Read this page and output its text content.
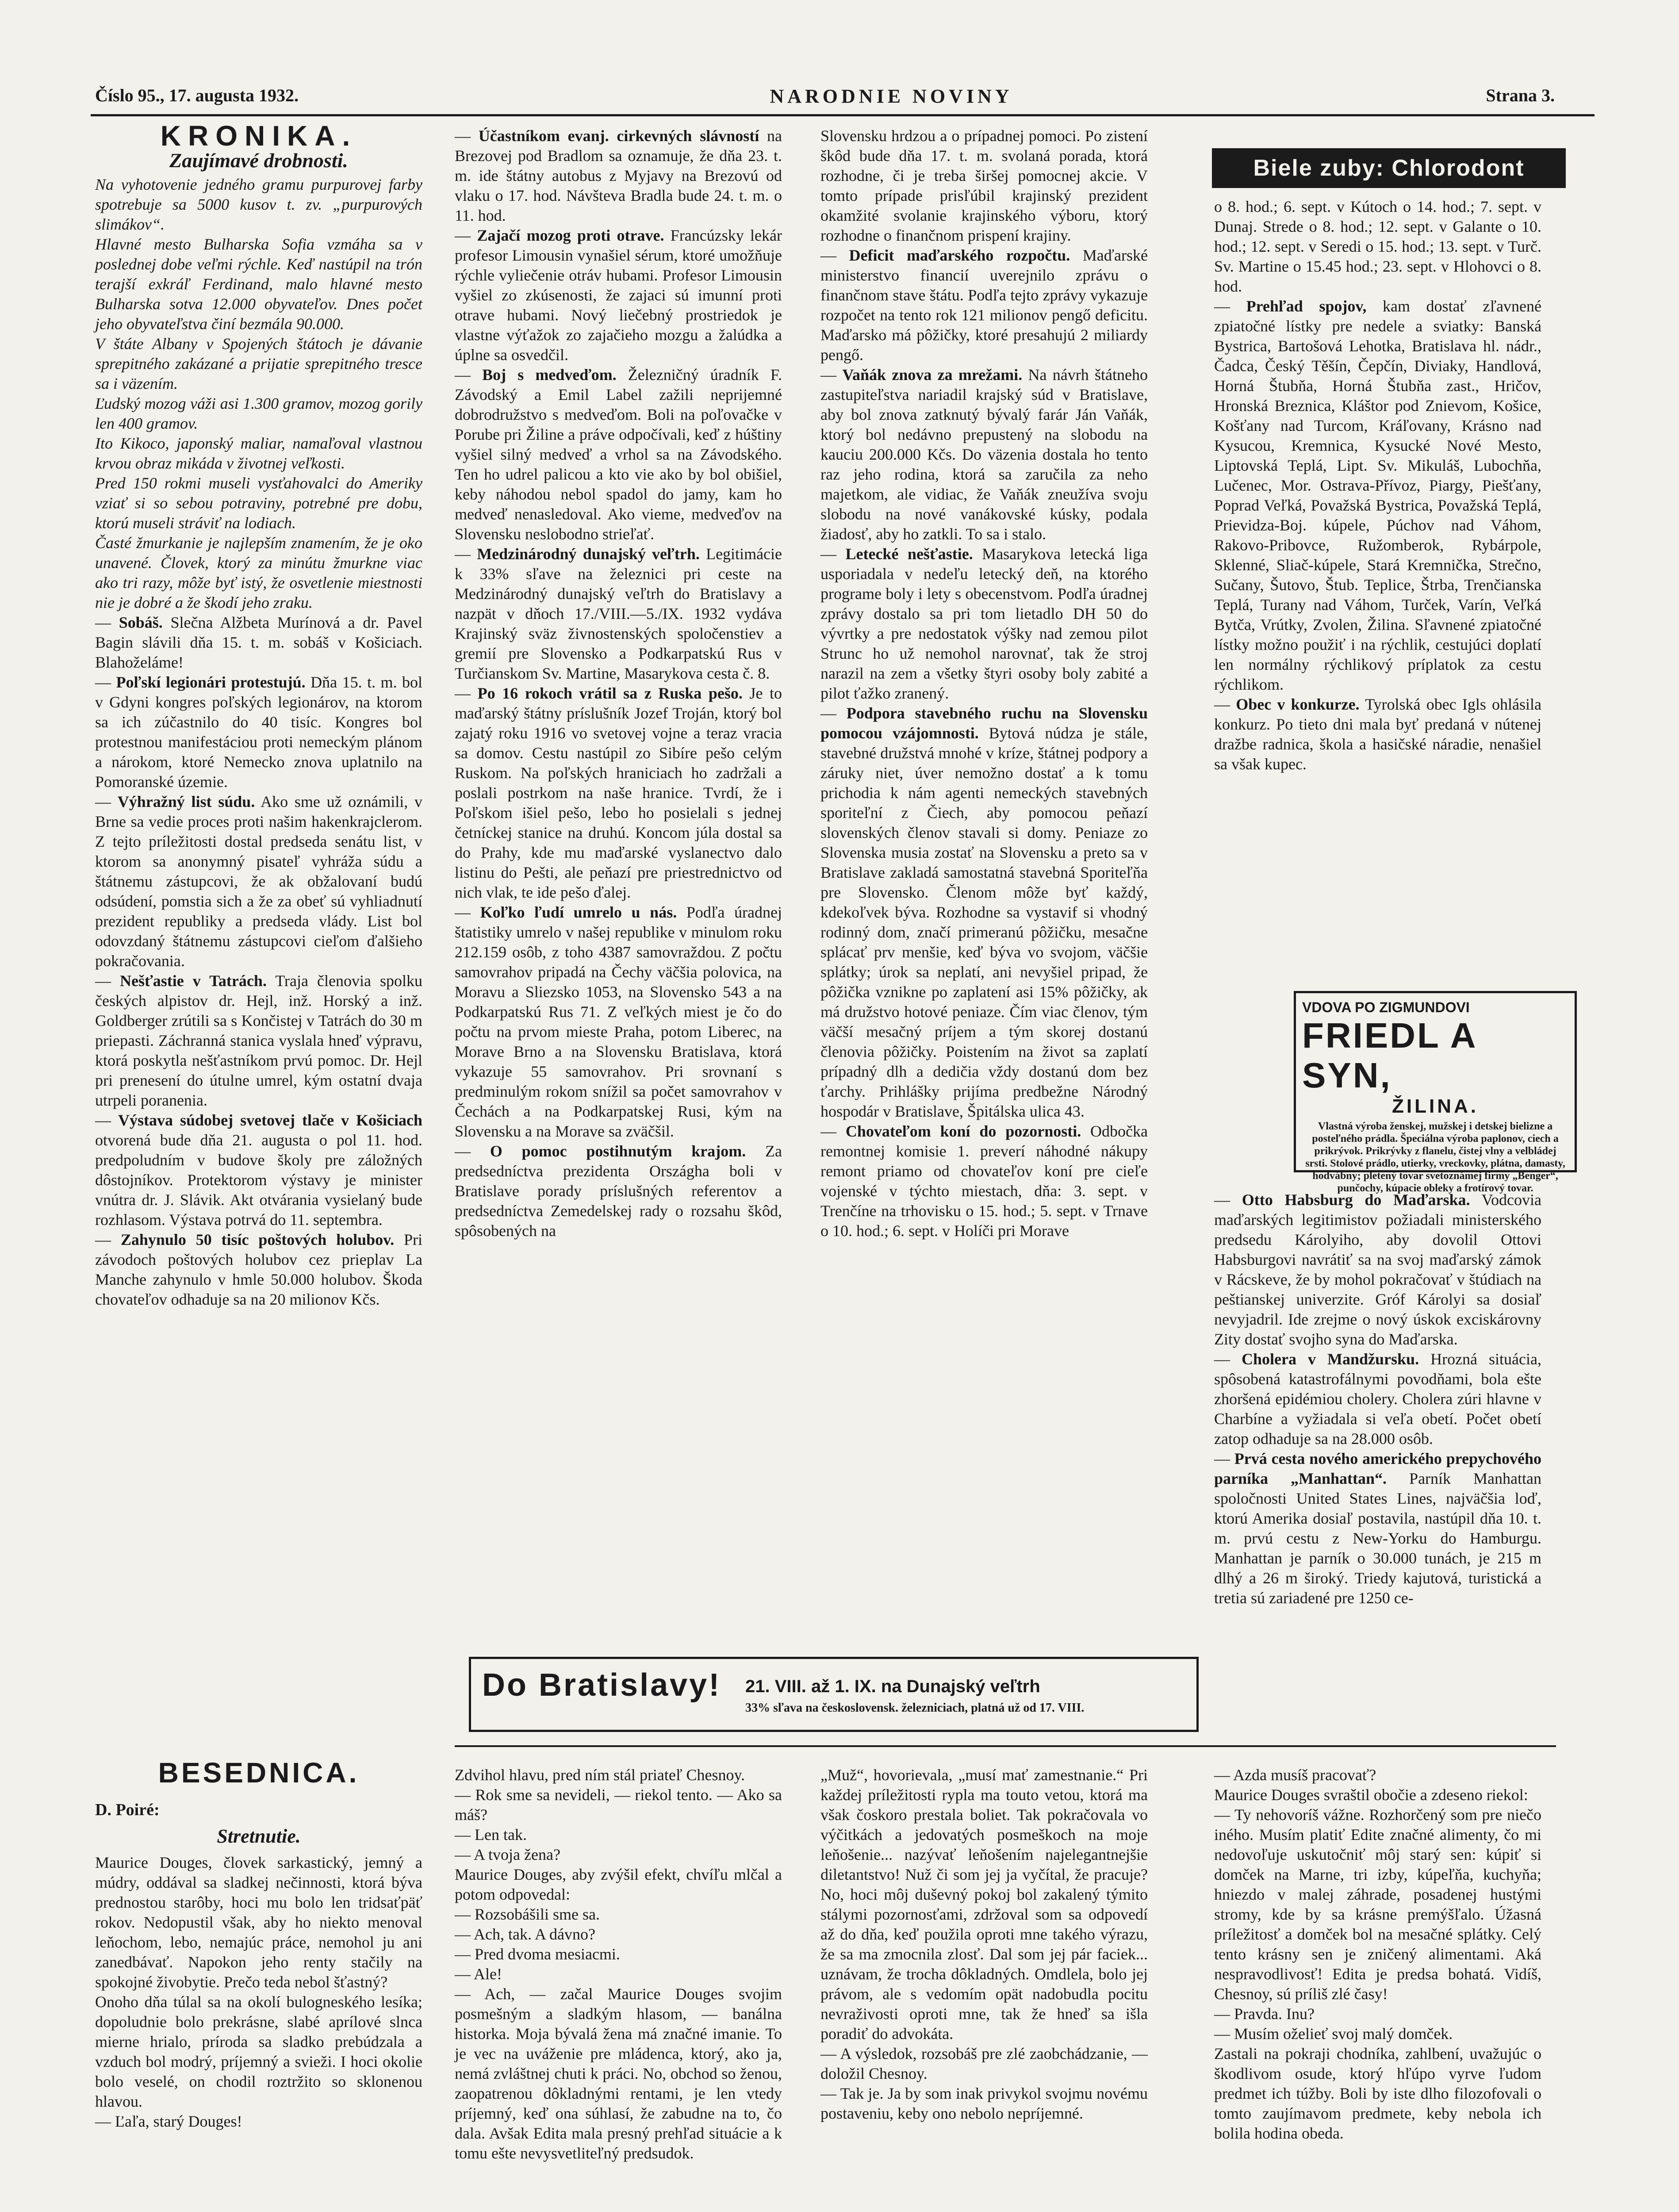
Číslo 95., 17. augusta 1932.	NARODNIE NOVINY	Strana 3.
KRONIKA.
Zaujímavé drobnosti.

Na vyhotovenie jedného gramu purpurovej farby spotrebuje sa 5000 kusov t. zv. „purpurových slimákov“.

Hlavné mesto Bulharska Sofia vzmáha sa v poslednej dobe veľmi rýchle. Keď nastúpil na trón terajší exkráľ Ferdinand, malo hlavné mesto Bulharska sotva 12.000 obyvateľov. Dnes počet jeho obyvateľstva činí bezmála 90.000.

V štáte Albany v Spojených štátoch je dávanie sprepitného zakázané a prijatie sprepitného tresce sa i väzením.

Ľudský mozog váži asi 1.300 gramov, mozog gorily len 400 gramov.

Ito Kikoco, japonský maliar, namaľoval vlastnou krvou obraz mikáda v životnej veľkosti.

Pred 150 rokmi museli vysťahovalci do Ameriky vziať si so sebou potraviny, potrebné pre dobu, ktorú museli stráviť na lodiach.

Časté žmurkanie je najlepším znamením, že je oko unavené. Človek, ktorý za minútu žmurkne viac ako tri razy, môže byť istý, že osvetlenie miestnosti nie je dobré a že škodí jeho zraku.

— Sobáš. Slečna Alžbeta Murínová a dr. Pavel Bagin slávili dňa 15. t. m. sobáš v Košiciach. Blahoželáme!

— Poľskí legionári protestujú. Dňa 15. t. m. bol v Gdyni kongres poľských legionárov, na ktorom sa ich zúčastnilo do 40 tisíc. Kongres bol protestnou manifestáciou proti nemeckým plánom a nárokom, ktoré Nemecko znova uplatnilo na Pomoranské územie.

— Výhražný list súdu. Ako sme už oznámili, v Brne sa vedie proces proti našim hakenkrajclerom. Z tejto príležitosti dostal predseda senátu list, v ktorom sa anonymný pisateľ vyhráža súdu a štátnemu zástupcovi, že ak obžalovaní budú odsúdení, pomstia sich a že za obeť sú vyhliadnutí prezident republiky a predseda vlády. List bol odovzdaný štátnemu zástupcovi cieľom ďalšieho pokračovania.

— Nešťastie v Tatrách. Traja členovia spolku českých alpistov dr. Hejl, inž. Horský a inž. Goldberger zrútili sa s Končistej v Tatrách do 30 m priepasti. Záchranná stanica vyslala hneď výpravu, ktorá poskytla nešťastníkom prvú pomoc. Dr. Hejl pri prenesení do útulne umrel, kým ostatní dvaja utrpeli poranenia.

— Výstava súdobej svetovej tlače v Košiciach otvorená bude dňa 21. augusta o pol 11. hod. predpoludním v budove školy pre záložných dôstojníkov. Protektorom výstavy je minister vnútra dr. J. Slávik. Akt otvárania vysielaný bude rozhlasom. Výstava potrvá do 11. septembra.

— Zahynulo 50 tisíc poštových holubov. Pri závodoch poštových holubov cez prieplav La Manche zahynulo v hmle 50.000 holubov. Škoda chovateľov odhaduje sa na 20 milionov Kčs.

— Účastníkom evanj. cirkevných slávností na Brezovej pod Bradlom sa oznamuje, že dňa 23. t. m. ide štátny autobus z Myjavy na Brezovú od vlaku o 17. hod. Návšteva Bradla bude 24. t. m. o 11. hod.

— Zajačí mozog proti otrave. Francúzsky lekár profesor Limousin vynašiel sérum, ktoré umožňuje rýchle vyliečenie otráv hubami. Profesor Limousin vyšiel zo zkúsenosti, že zajaci sú imunní proti otrave hubami. Nový liečebný prostriedok je vlastne výťažok zo zajačieho mozgu a žalúdka a úplne sa osvedčil.

— Boj s medveďom. Železničný úradník F. Závodský a Emil Label zažili neprijemné dobrodružstvo s medveďom. Boli na poľovačke v Porube pri Žiline a práve odpočívali, keď z húštiny vyšiel silný medveď a vrhol sa na Závodského. Ten ho udrel palicou a kto vie ako by bol obišiel, keby náhodou nebol spadol do jamy, kam ho medveď nenasledoval. Ako vieme, medveďov na Slovensku neslobodno strieľať.

— Medzinárodný dunajský veľtrh. Legitimácie k 33% sľave na železnici pri ceste na Medzinárodný dunajský veľtrh do Bratislavy a nazpät v dňoch 17./VIII.—5./IX. 1932 vydáva Krajinský sväz živnostenských spoločenstiev a gremií pre Slovensko a Podkarpatskú Rus v Turčianskom Sv. Martine, Masarykova cesta č. 8.

— Po 16 rokoch vrátil sa z Ruska pešo. Je to maďarský štátny príslušník Jozef Troján, ktorý bol zajatý roku 1916 vo svetovej vojne a teraz vracia sa domov. Cestu nastúpil zo Sibíre pešo celým Ruskom. Na poľských hraniciach ho zadržali a poslali postrkom na naše hranice. Tvrdí, že i Poľskom išiel pešo, lebo ho posielali s jednej četníckej stanice na druhú. Koncom júla dostal sa do Prahy, kde mu maďarské vyslanectvo dalo listinu do Pešti, ale peňazí pre priestrednictvo od nich vlak, te ide pešo ďalej.

— Koľko ľudí umrelo u nás. Podľa úradnej štatistiky umrelo v našej republike v minulom roku 212.159 osôb, z toho 4387 samovraždou. Z počtu samovrahov pripadá na Čechy väčšia polovica, na Moravu a Sliezsko 1053, na Slovensko 543 a na Podkarpatskú Rus 71. Z veľkých miest je čo do počtu na prvom mieste Praha, potom Liberec, na Morave Brno a na Slovensku Bratislava, ktorá vykazuje 55 samovrahov. Pri srovnaní s predminulým rokom snížil sa počet samovrahov v Čechách a na Podkarpatskej Rusi, kým na Slovensku a na Morave sa zväčšil.

— O pomoc postihnutým krajom. Za predsedníctva prezidenta Országha boli v Bratislave porady príslušných referentov a predsedníctva Zemedelskej rady o rozsahu škôd, spôsobených na

Slovensku hrdzou a o prípadnej pomoci. Po zistení škôd bude dňa 17. t. m. svolaná porada, ktorá rozhodne, či je treba širšej pomocnej akcie. V tomto prípade prisľúbil krajinský prezident okamžité svolanie krajinského výboru, ktorý rozhodne o finančnom prispení krajiny.

— Deficit maďarského rozpočtu. Maďarské ministerstvo financií uverejnilo zprávu o finančnom stave štátu. Podľa tejto zprávy vykazuje rozpočet na tento rok 121 milionov pengő deficitu. Maďarsko má pôžičky, ktoré presahujú 2 miliardy pengő.

— Vaňák znova za mrežami. Na návrh štátneho zastupiteľstva nariadil krajský súd v Bratislave, aby bol znova zatknutý bývalý farár Ján Vaňák, ktorý bol nedávno prepustený na slobodu na kauciu 200.000 Kčs. Do väzenia dostala ho tento raz jeho rodina, ktorá sa zaručila za neho majetkom, ale vidiac, že Vaňák zneužíva svoju slobodu na nové vanákovské kúsky, podala žiadosť, aby ho zatkli. To sa i stalo.

— Letecké nešťastie. Masarykova letecká liga usporiadala v nedeľu letecký deň, na ktorého programe boly i lety s obecenstvom. Podľa úradnej zprávy dostalo sa pri tom lietadlo DH 50 do vývrtky a pre nedostatok výšky nad zemou pilot Strunc ho už nemohol narovnať, tak že stroj narazil na zem a všetky štyri osoby boly zabité a pilot ťažko zranený.

— Podpora stavebného ruchu na Slovensku pomocou vzájomnosti. Bytová núdza je stále, stavebné družstvá mnohé v kríze, štátnej podpory a záruky niet, úver nemožno dostať a k tomu prichodia k nám agenti nemeckých stavebných sporiteľní z Čiech, aby pomocou peňazí slovenských členov stavali si domy. Peniaze zo Slovenska musia zostať na Slovensku a preto sa v Bratislave zakladá samostatná stavebná Sporiteľňa pre Slovensko. Členom môže byť každý, kdekoľvek býva. Rozhodne sa vystavif si vhodný rodinný dom, značí primeranú pôžičku, mesačne splácať prv menšie, keď býva vo svojom, väčšie splátky; úrok sa neplatí, ani nevyšiel pripad, že pôžička vznikne po zaplatení asi 15% pôžičky, ak má družstvo hotové peniaze. Čím viac členov, tým väčší mesačný príjem a tým skorej dostanú členovia pôžičky. Poistením na život sa zaplatí prípadný dlh a dedičia vždy dostanú dom bez ťarchy. Prihlášky prijíma predbežne Národný hospodár v Bratislave, Špitálska ulica 43.

— Chovateľom koní do pozornosti. Odbočka remontnej komisie 1. preverí náhodné nákupy remont priamo od chovateľov koní pre cieľe vojenské v týchto miestach, dňa: 3. sept. v Trenčíne na trhovisku o 15. hod.; 5. sept. v Trnave o 10. hod.; 6. sept. v Holíči pri Morave

Biele zuby: Chlorodont

o 8. hod.; 6. sept. v Kútoch o 14. hod.; 7. sept. v Dunaj. Strede o 8. hod.; 12. sept. v Galante o 10. hod.; 12. sept. v Seredi o 15. hod.; 13. sept. v Turč. Sv. Martine o 15.45 hod.; 23. sept. v Hlohovci o 8. hod.

— Prehľad spojov, kam dostať zľavnené zpiatočné lístky pre nedele a sviatky: Banská Bystrica, Bartošová Lehotka, Bratislava hl. nádr., Čadca, Český Těšín, Čepčín, Diviaky, Handlová, Horná Štubňa, Horná Štubňa zast., Hričov, Hronská Breznica, Kláštor pod Znievom, Košice, Košťany nad Turcom, Kráľovany, Krásno nad Kysucou, Kremnica, Kysucké Nové Mesto, Liptovská Teplá, Lipt. Sv. Mikuláš, Lubochňa, Lučenec, Mor. Ostrava-Přívoz, Piargy, Piešťany, Poprad Veľká, Považská Bystrica, Považská Teplá, Prievidza-Boj. kúpele, Púchov nad Váhom, Rakovo-Pribovce, Ružomberok, Rybárpole, Sklenné, Sliač-kúpele, Stará Kremnička, Strečno, Sučany, Šutovo, Štub. Teplice, Štrba, Trenčianska Teplá, Turany nad Váhom, Turček, Varín, Veľká Bytča, Vrútky, Zvolen, Žilina. Sľavnené zpiatočné lístky možno použiť i na rýchlik, cestujúci doplatí len normálny rýchlikový príplatok za cestu rýchlikom.

— Obec v konkurze. Tyrolská obec Igls ohlásila konkurz. Po tieto dni mala byť predaná v nútenej dražbe radnica, škola a hasičské náradie, nenašiel sa však kupec.

VDOVA PO ZIGMUNDOVI
FRIEDL A SYN,
ŽILINA.
Vlastná výroba ženskej, mužskej i detskej bielizne a posteľného prádla. Špeciálna výroba paplonov, ciech a prikrývok. Prikrývky z flanelu, čistej vlny a velbládej srsti. Stolové prádlo, utierky, vreckovky, plátna, damasty, hodvábny; pletený tovar svetoznámej firmy „Benger“, punčochy, kúpacie obleky a frotírový tovar.

— Otto Habsburg do Maďarska. Vodcovia maďarských legitimistov požiadali ministerského predsedu Károlyiho, aby dovolil Ottovi Habsburgovi navrátiť sa na svoj maďarský zámok v Rácskeve, že by mohol pokračovať v štúdiach na peštianskej univerzite. Gróf Károlyi sa dosiaľ nevyjadril. Ide zrejme o nový úskok exciskárovny Zity dostať svojho syna do Maďarska.

— Cholera v Mandžursku. Hrozná situácia, spôsobená katastrofálnymi povodňami, bola ešte zhoršená epidémiou cholery. Cholera zúri hlavne v Charbíne a vyžiadala si veľa obetí. Počet obetí zatop odhaduje sa na 28.000 osôb.

— Prvá cesta nového amerického prepychového parníka „Manhattan“. Parník Manhattan spoločnosti United States Lines, najväčšia loď, ktorú Amerika dosiaľ postavila, nastúpil dňa 10. t. m. prvú cestu z New-Yorku do Hamburgu. Manhattan je parník o 30.000 tunách, je 215 m dlhý a 26 m široký. Triedy kajutová, turistická a tretia sú zariadené pre 1250 ce-

Do Bratislavy! 21. VIII. až 1. IX. na Dunajský veľtrh
33% sľava na československ. železniciach, platná už od 17. VIII.
BESEDNICA.
D. Poiré:
Stretnutie.

Maurice Douges, človek sarkastický, jemný a múdry, oddával sa sladkej nečinnosti, ktorá býva prednostou starôby, hoci mu bolo len tridsaťpäť rokov. Nedopustil však, aby ho niekto menoval leňochom, lebo, nemajúc práce, nemohol ju ani zanedbávať. Napokon jeho renty stačily na spokojné živobytie. Prečo teda nebol šťastný?

Onoho dňa túlal sa na okolí bulogneského lesíka; dopoludnie bolo prekrásne, slabé aprílové slnca mierne hrialo, príroda sa sladko prebúdzala a vzduch bol modrý, príjemný a svieži. I hoci okolie bolo veselé, on chodil roztržito so sklonenou hlavou.

— Ľaľa, starý Douges!

Zdvihol hlavu, pred ním stál priateľ Chesnoy.

— Rok sme sa nevideli, — riekol tento. — Ako sa máš?

— Len tak.

— A tvoja žena?

Maurice Douges, aby zvýšil efekt, chvíľu mlčal a potom odpovedal:

— Rozsobášili sme sa.

— Ach, tak. A dávno?

— Pred dvoma mesiacmi.

— Ale!

— Ach, — začal Maurice Douges svojim posmešným a sladkým hlasom, — banálna historka. Moja bývalá žena má značné imanie. To je vec na uváženie pre mládenca, ktorý, ako ja, nemá zvláštnej chuti k práci. No, obchod so ženou, zaopatrenou dôkladnými rentami, je len vtedy príjemný, keď ona súhlasí, že zabudne na to, čo dala. Avšak Edita mala presný prehľad situácie a k tomu ešte nevysvetliteľný predsudok.

„Muž“, hovorievala, „musí mať zamestnanie.“ Pri každej príležitosti rypla ma touto vetou, ktorá ma však čoskoro prestala boliet. Tak pokračovala vo výčitkách a jedovatých posmeškoch na moje leňošenie... nazývať leňošením najelegantnejšie diletantstvo! Nuž či som jej ja vyčítal, že pracuje? No, hoci môj duševný pokoj bol zakalený týmito stálymi pozornosťami, zdržoval som sa odpovedí až do dňa, keď použila oproti mne takého výrazu, že sa ma zmocnila zlosť. Dal som jej pár faciek... uznávam, že trocha dôkladných. Omdlela, bolo jej právom, ale s vedomím opät nadobudla pocitu nevraživosti oproti mne, tak že hneď sa išla poradiť do advokáta.

— A výsledok, rozsobáš pre zlé zaobchádzanie, — doložil Chesnoy.

— Tak je. Ja by som inak privykol svojmu novému postaveniu, keby ono nebolo nepríjemné.

— Azda musíš pracovať?

Maurice Douges svraštil obočie a zdeseno riekol:

— Ty nehovoríš vážne. Rozhorčený som pre niečo iného. Musím platiť Edite značné alimenty, čo mi nedovoľuje uskutočniť môj starý sen: kúpiť si domček na Marne, tri izby, kúpeľňa, kuchyňa; hniezdo v malej záhrade, posadenej hustými stromy, kde by sa krásne premýšľalo. Úžasná príležitosť a domček bol na mesačné splátky. Celý tento krásny sen je zničený alimentami. Aká nespravodlivosť! Edita je predsa bohatá. Vidíš, Chesnoy, sú príliš zlé časy!

— Pravda. Inu?

— Musím oželieť svoj malý domček.

Zastali na pokraji chodníka, zahlbení, uvažujúc o škodlivom osude, ktorý hľúpo vyrve ľudom predmet ich túžby. Boli by iste dlho filozofovali o tomto zaujímavom predmete, keby nebola ich bolila hodina obeda.
